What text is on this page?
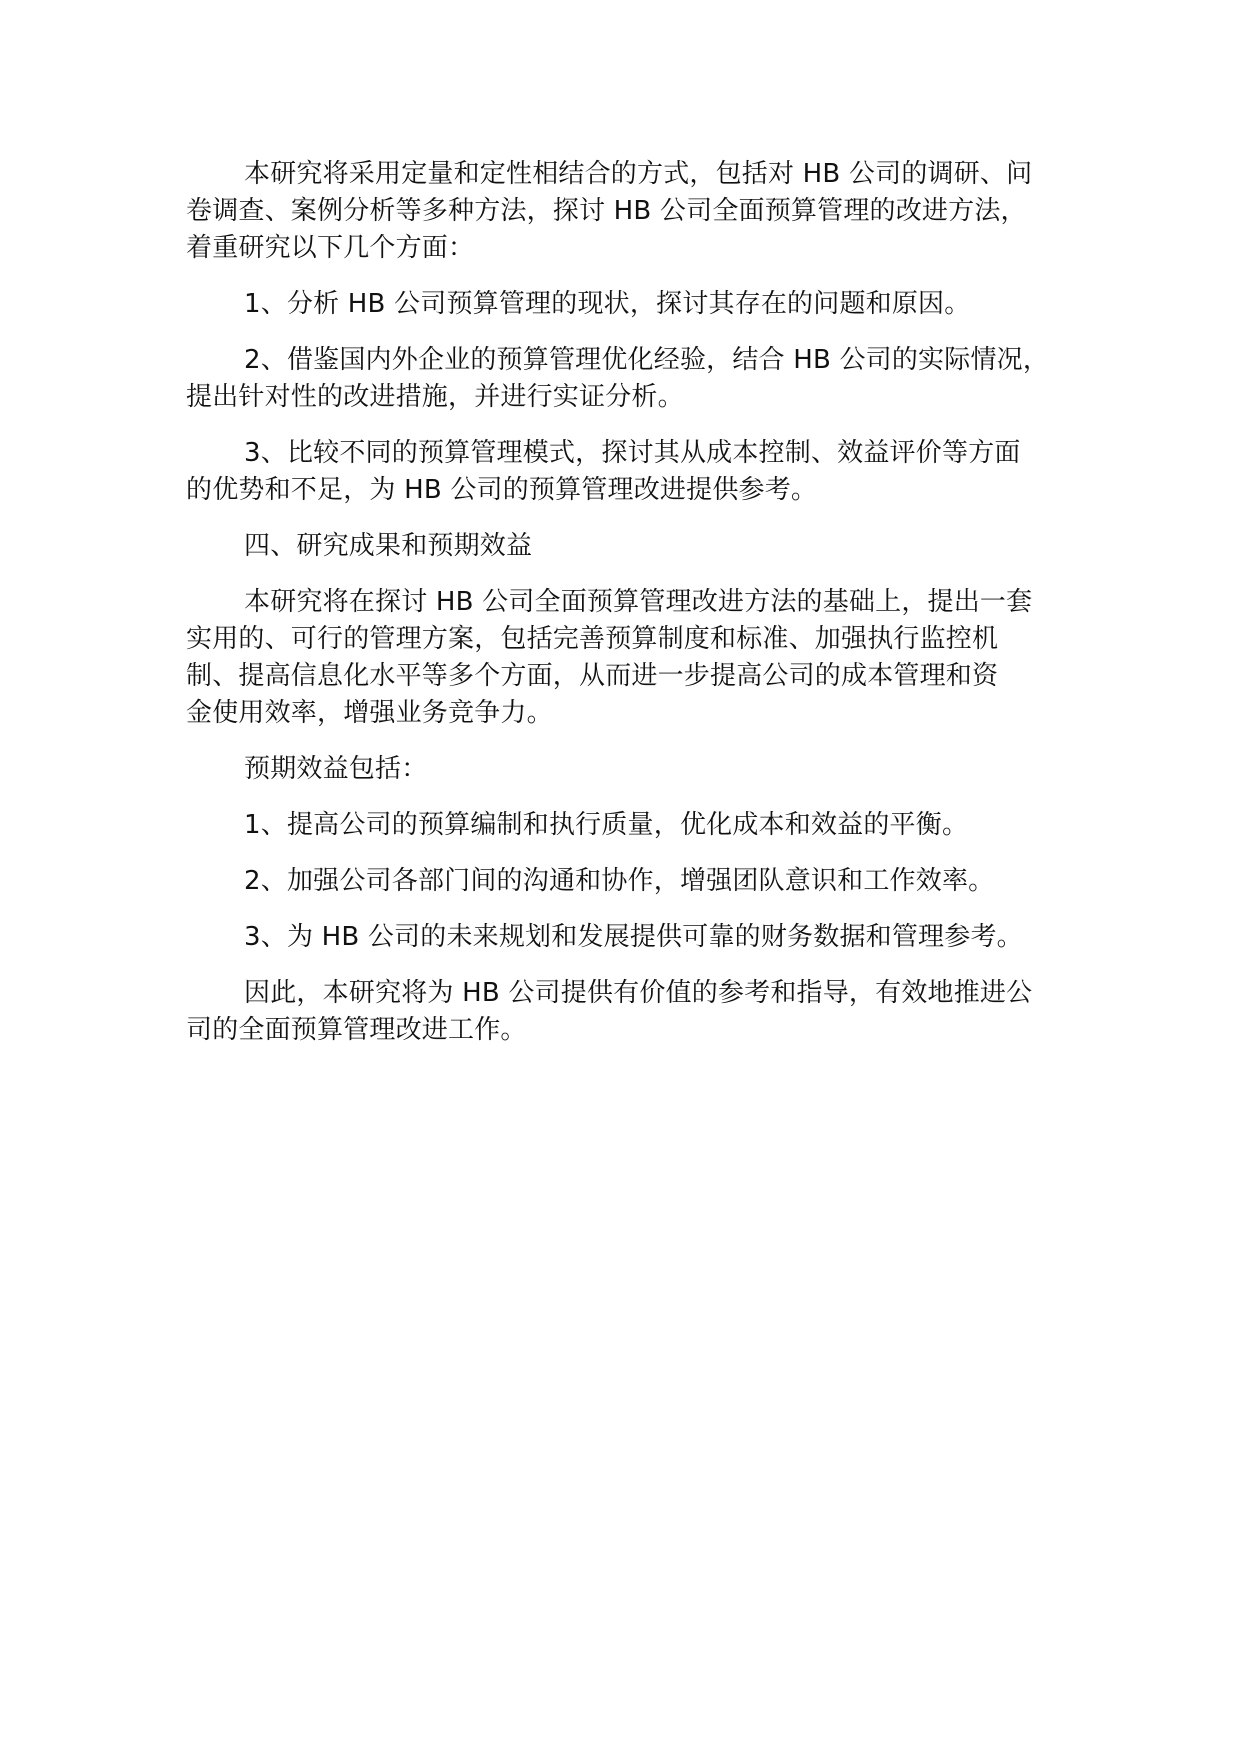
本研究将采用定量和定性相结合的方式，包括对 HB 公司的调研、问
卷调查、案例分析等多种方法，探讨 HB 公司全面预算管理的改进方法，
着重研究以下几个方面：

1、分析 HB 公司预算管理的现状，探讨其存在的问题和原因。

2、借鉴国内外企业的预算管理优化经验，结合 HB 公司的实际情况，
提出针对性的改进措施，并进行实证分析。

3、比较不同的预算管理模式，探讨其从成本控制、效益评价等方面
的优势和不足，为 HB 公司的预算管理改进提供参考。

四、研究成果和预期效益

本研究将在探讨 HB 公司全面预算管理改进方法的基础上，提出一套
实用的、可行的管理方案，包括完善预算制度和标准、加强执行监控机
制、提高信息化水平等多个方面，从而进一步提高公司的成本管理和资
金使用效率，增强业务竞争力。

预期效益包括：

1、提高公司的预算编制和执行质量，优化成本和效益的平衡。

2、加强公司各部门间的沟通和协作，增强团队意识和工作效率。

3、为 HB 公司的未来规划和发展提供可靠的财务数据和管理参考。

因此，本研究将为 HB 公司提供有价值的参考和指导，有效地推进公
司的全面预算管理改进工作。
